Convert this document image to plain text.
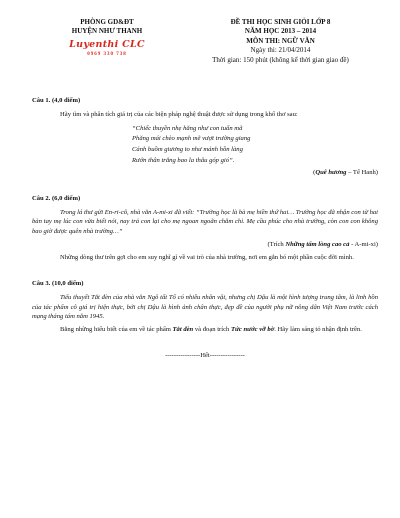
PHÒNG GD&ĐT
HUYỆN NHƯ THANH
Luyenthi CLC
0969 330 738
ĐỀ THI HỌC SINH GIỎI LỚP 8
NĂM HỌC 2013 – 2014
MÔN THI: NGỮ VĂN
Ngày thi: 21/04/2014
Thời gian: 150 phút (không kể thời gian giao đề)

Câu 1. (4,0 điểm)

Hãy tìm và phân tích giá trị của các biện pháp nghệ thuật được sử dụng trong khổ thơ sau:

“Chiếc thuyền nhẹ hăng như con tuấn mã
Phăng mái chèo mạnh mẽ vượt trường giang
Cánh buồm giương to như mảnh hồn làng
Rướn thân trắng bao la thâu góp gió”.

(Quê hương – Tế Hanh)

Câu 2. (6,0 điểm)

Trong lá thư gửi En-ri-cô, nhà văn A-mi-xi đã viết: “Trường học là bà mẹ hiền thứ hai… Trường học đã nhận con từ hai bàn tay mẹ lúc con vừa biết nói, nay trả con lại cho mẹ ngoan ngoãn chăm chỉ. Mẹ cầu phúc cho nhà trường, còn con con không bao giờ được quên nhà trường…”

(Trích Những tấm lòng cao cả - A-mi-xi)

Những dòng thư trên gợi cho em suy nghĩ gì về vai trò của nhà trường, nơi em gắn bó một phần cuộc đời mình.

Câu 3. (10,0 điểm)

Tiểu thuyết Tắt đèn của nhà văn Ngô tất Tố có nhiều nhân vật, nhưng chị Dậu là một hình tượng trung tâm, là linh hồn của tác phẩm cô giá trị hiện thực, bởi chị Dậu là hình ảnh chân thực, đẹp đề của người phụ nữ nông dân Việt Nam trước cách mạng tháng tám năm 1945.

Bằng những hiểu biết của em về tác phẩm Tắt đèn và đoạn trích Tức nước vỡ bờ. Hãy làm sáng tỏ nhận định trên.

----------------Hết----------------
